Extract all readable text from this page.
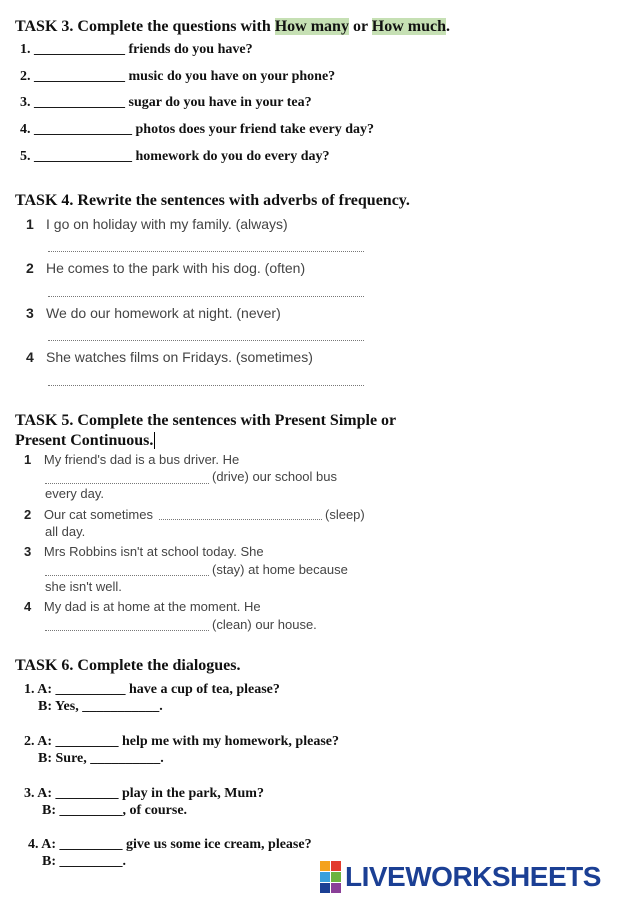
TASK 3. Complete the questions with How many or How much.
1. _____________ friends do you have?
2. _____________ music do you have on your phone?
3. _____________ sugar do you have in your tea?
4. ______________ photos does your friend take every day?
5. ______________ homework do you do every day?
TASK 4. Rewrite the sentences with adverbs of frequency.
1 I go on holiday with my family. (always)
2 He comes to the park with his dog. (often)
3 We do our homework at night. (never)
4 She watches films on Fridays. (sometimes)
TASK 5. Complete the sentences with Present Simple or
Present Continuous.
1 My friend's dad is a bus driver. He
(drive) our school bus
every day.
2 Our cat sometimes	(sleep)
all day.
3 Mrs Robbins isn't at school today. She
(stay) at home because
she isn't well.
4 My dad is at home at the moment. He
(clean) our house.
TASK 6. Complete the dialogues.
1. A: __________ have a cup of tea, please?
B: Yes, ___________.
2. A: _________ help me with my homework, please?
B: Sure, __________.
3. A: _________ play in the park, Mum?
B: _________, of course.
4. A: _________ give us some ice cream, please?
B: _________.	LIVEWORKSHEETS
